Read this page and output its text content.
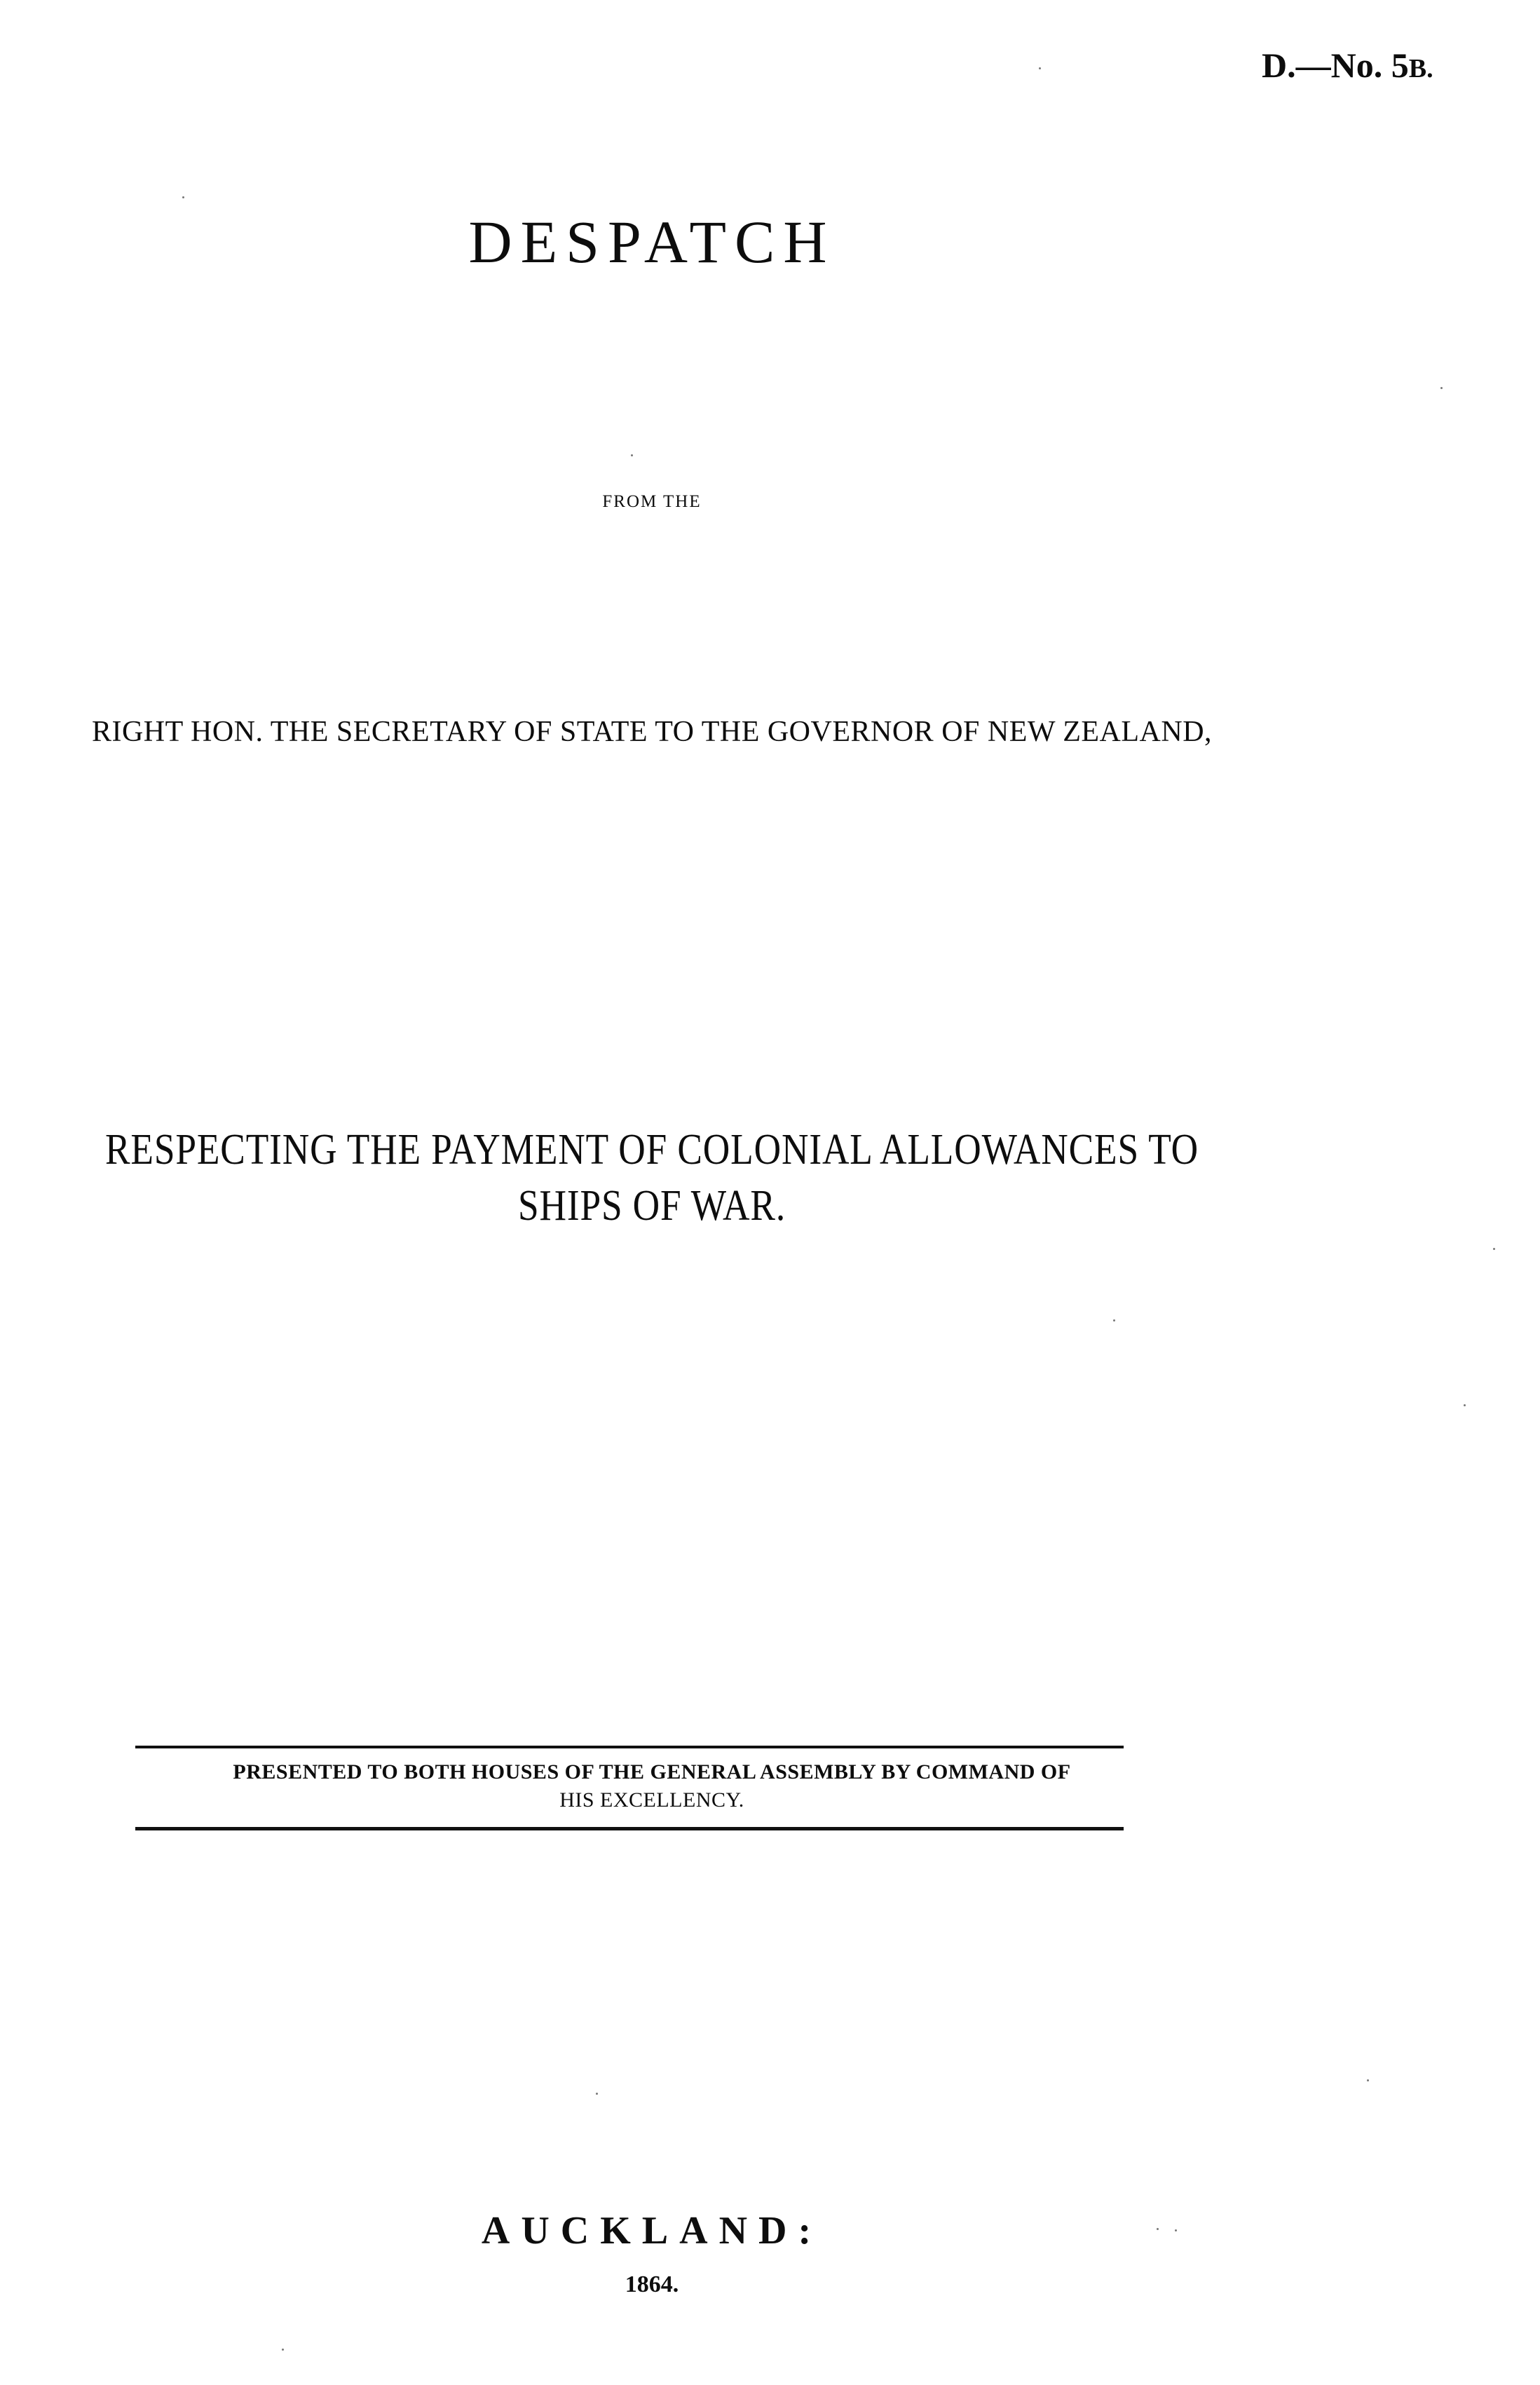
D.—No. 5B.
DESPATCH
FROM THE
RIGHT HON. THE SECRETARY OF STATE TO THE GOVERNOR OF NEW ZEALAND,
RESPECTING THE PAYMENT OF COLONIAL ALLOWANCES TO
SHIPS OF WAR.
PRESENTED TO BOTH HOUSES OF THE GENERAL ASSEMBLY BY COMMAND OF
HIS EXCELLENCY.
AUCKLAND:
1864.
